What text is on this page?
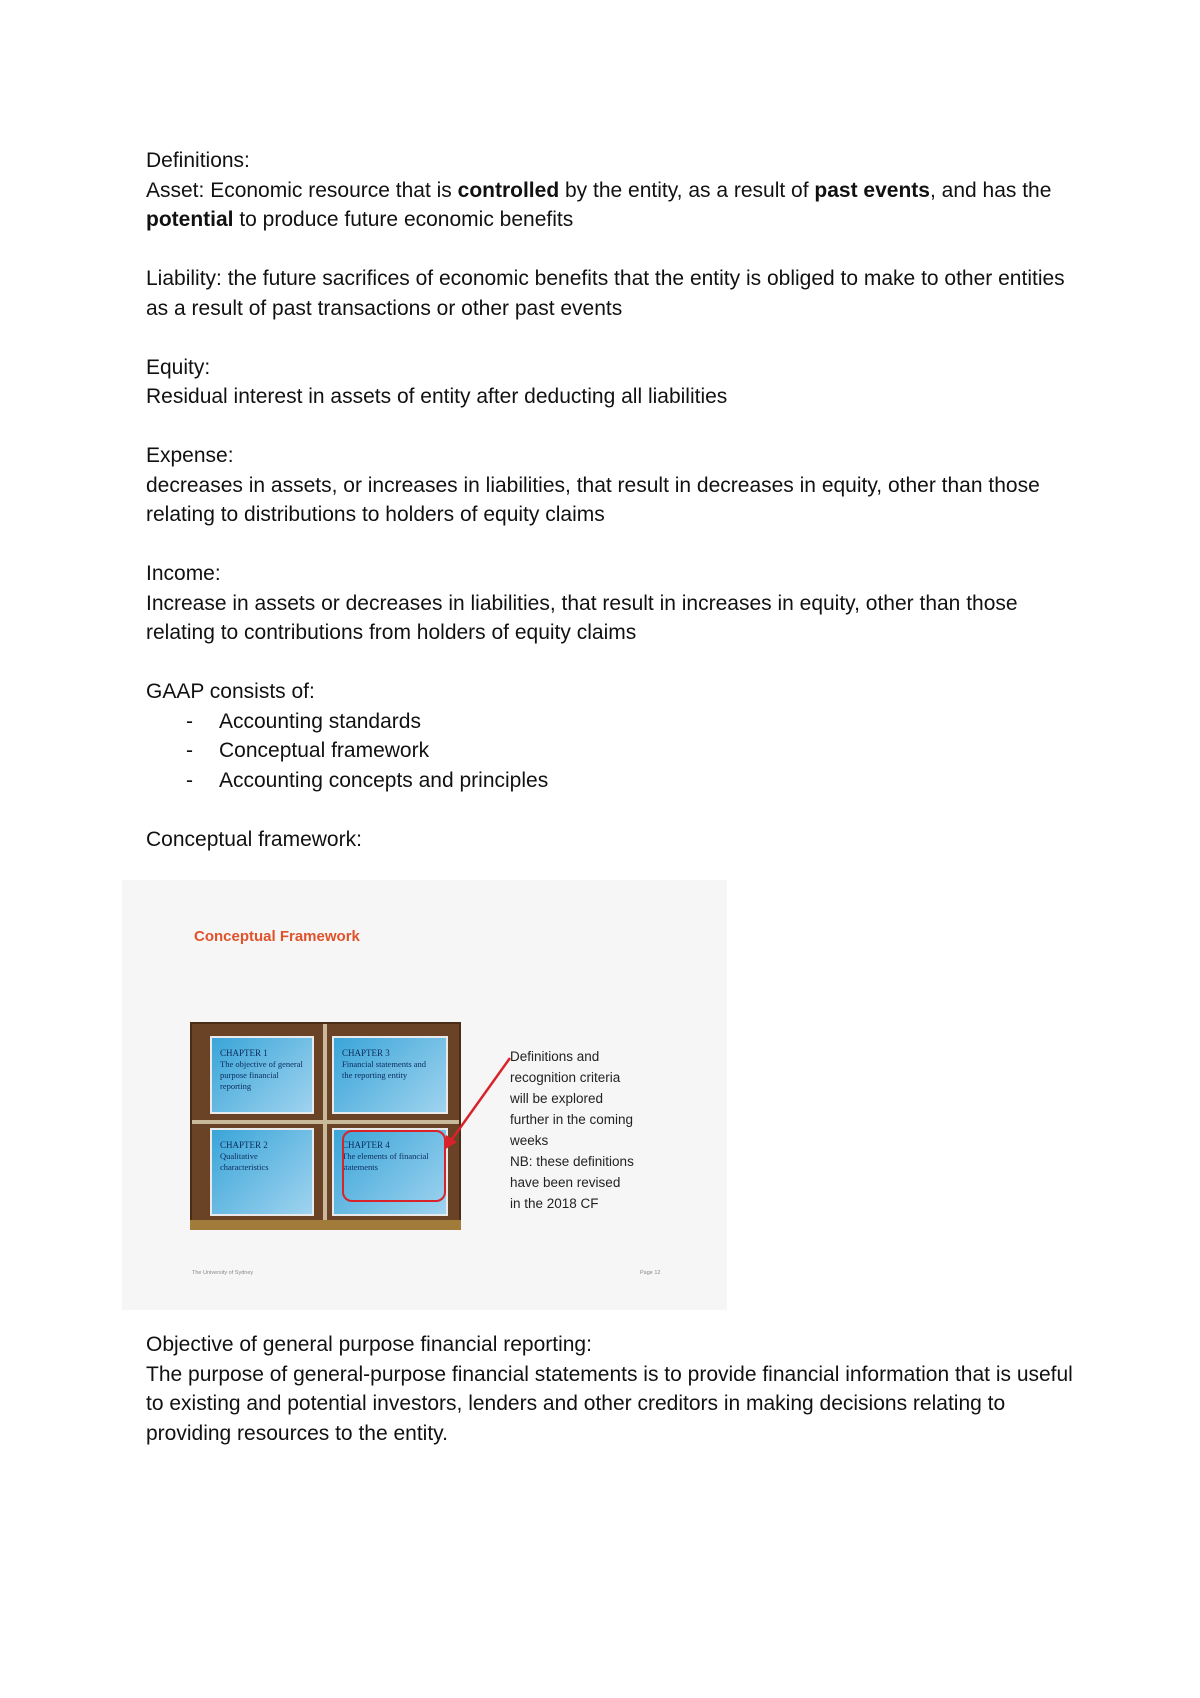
Definitions:

Asset: Economic resource that is controlled by the entity, as a result of past events, and has the potential to produce future economic benefits

Liability: the future sacrifices of economic benefits that the entity is obliged to make to other entities as a result of past transactions or other past events

Equity:

Residual interest in assets of entity after deducting all liabilities

Expense:

decreases in assets, or increases in liabilities, that result in decreases in equity, other than those relating to distributions to holders of equity claims

Income:

Increase in assets or decreases in liabilities, that result in increases in equity, other than those relating to contributions from holders of equity claims

GAAP consists of:

- Accounting standards
- Conceptual framework
- Accounting concepts and principles

Conceptual framework:

Conceptual Framework
CHAPTER 1
The objective of general purpose financial reporting
CHAPTER 3
Financial statements and the reporting entity
CHAPTER 2
Qualitative characteristics
CHAPTER 4
The elements of financial statements
Definitions and
recognition criteria
will be explored
further in the coming
weeks
NB: these definitions
have been revised
in the 2018 CF
The University of Sydney	Page 12

Objective of general purpose financial reporting:

The purpose of general-purpose financial statements is to provide financial information that is useful to existing and potential investors, lenders and other creditors in making decisions relating to providing resources to the entity.
